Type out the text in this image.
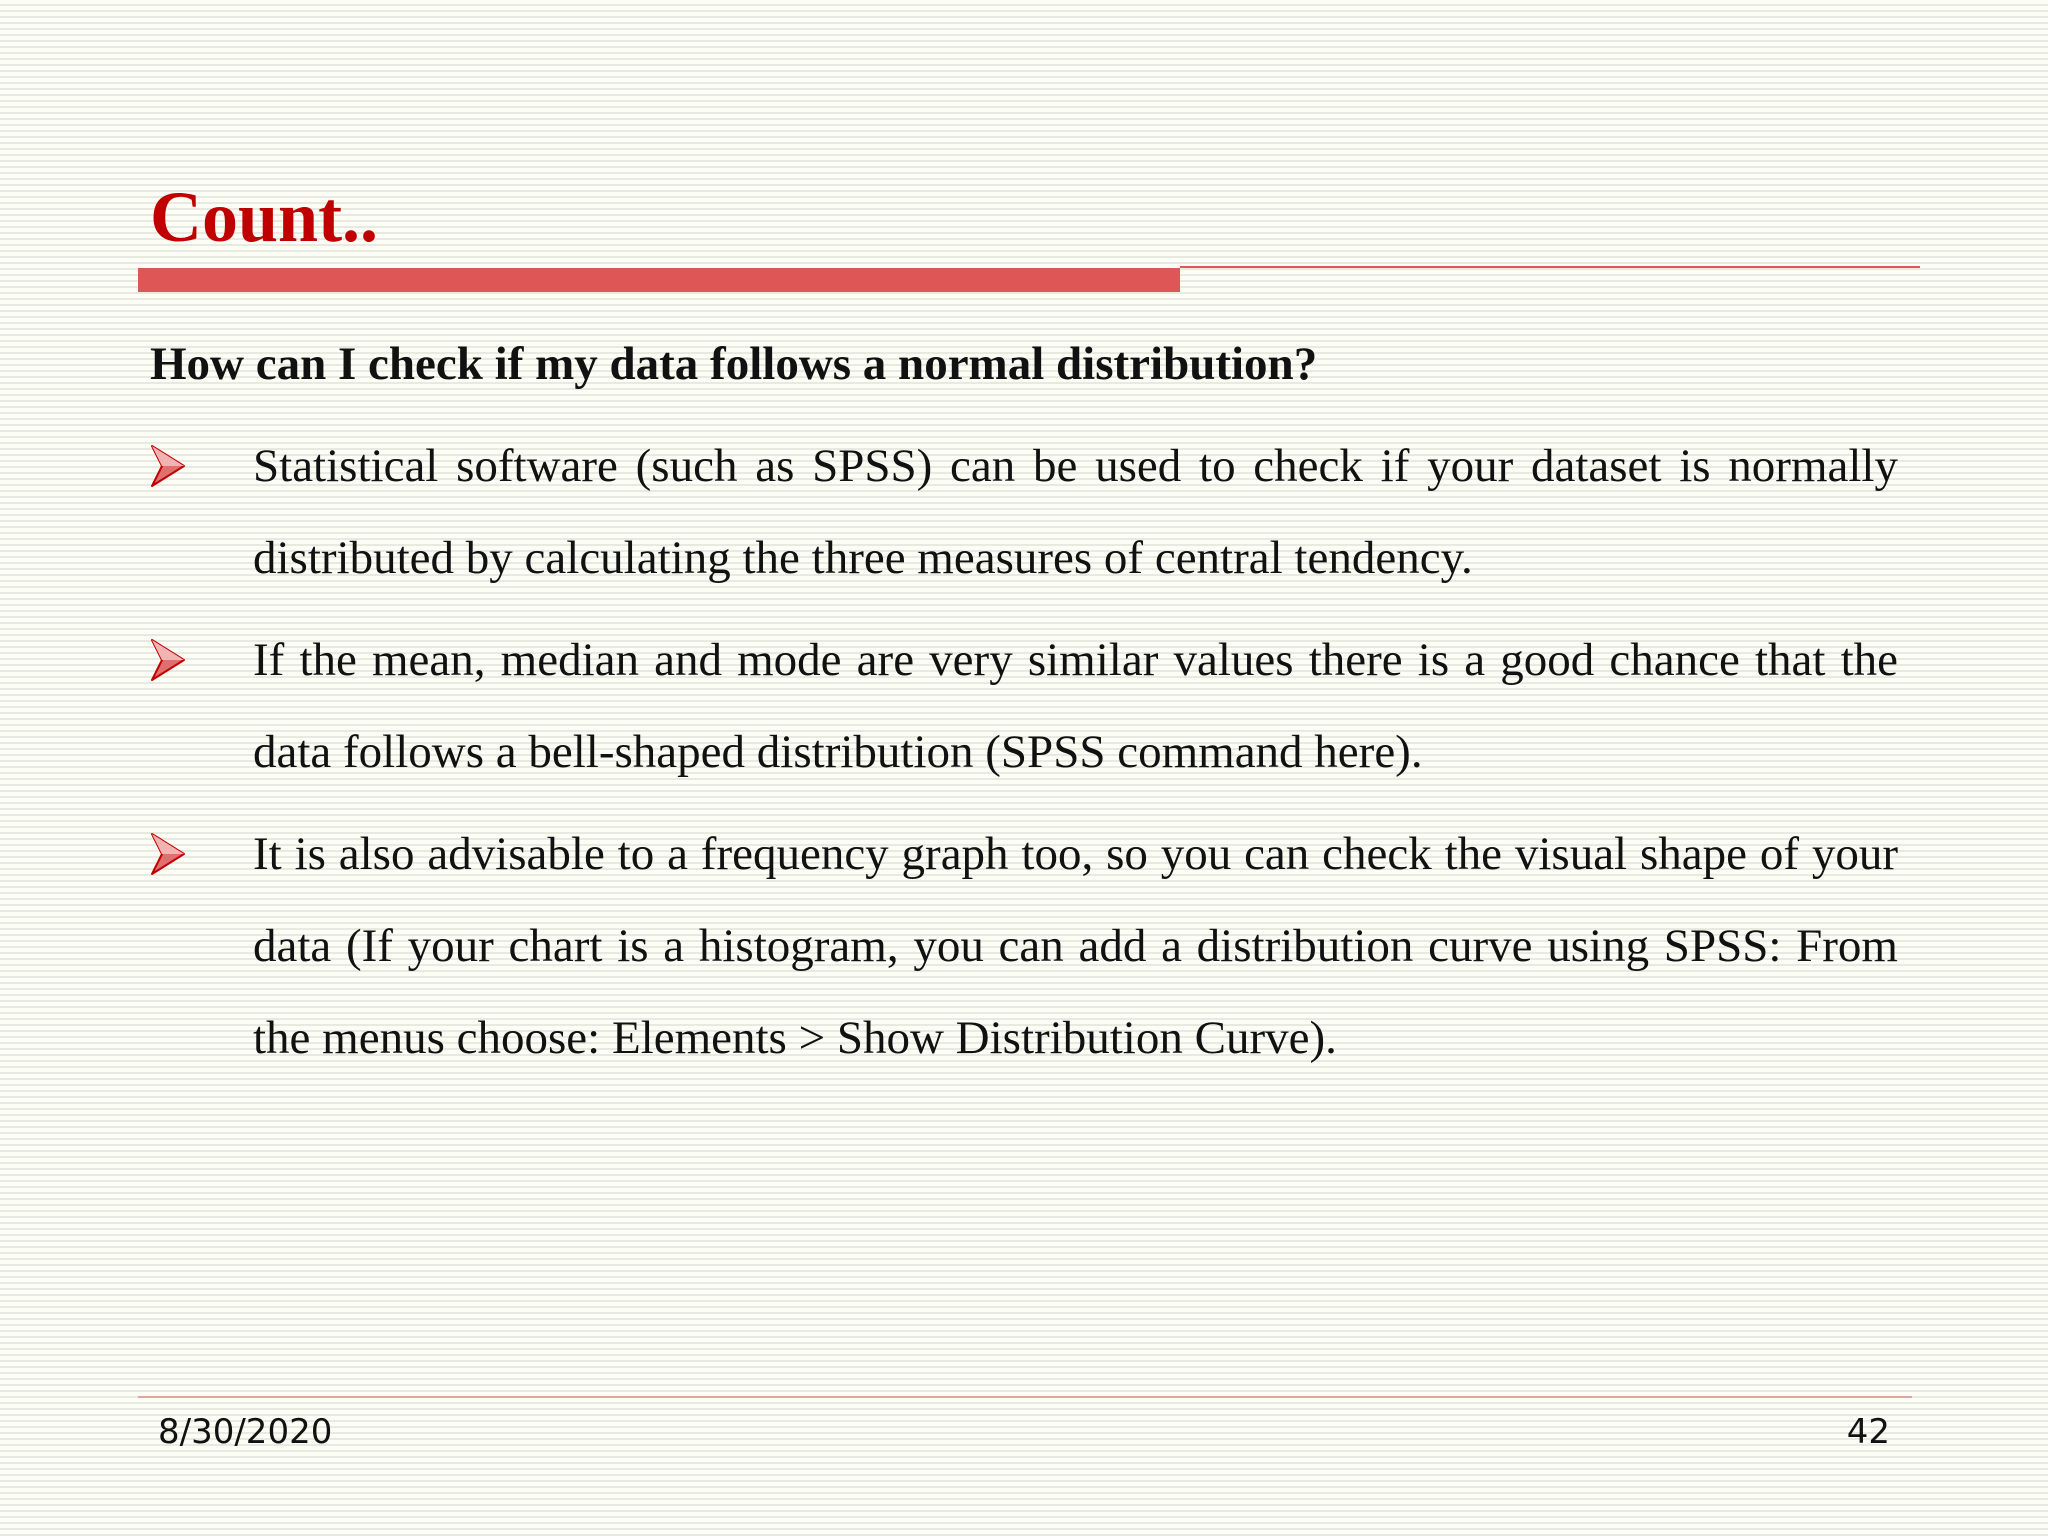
Count..
How can I check if my data follows a normal distribution?

Statistical software (such as SPSS) can be used to check if your dataset is normally distributed by calculating the three measures of central tendency.

If the mean, median and mode are very similar values there is a good chance that the data follows a bell-shaped distribution (SPSS command here).

It is also advisable to a frequency graph too, so you can check the visual shape of your data (If your chart is a histogram, you can add a distribution curve using SPSS: From the menus choose: Elements > Show Distribution Curve).

8/30/2020	42
